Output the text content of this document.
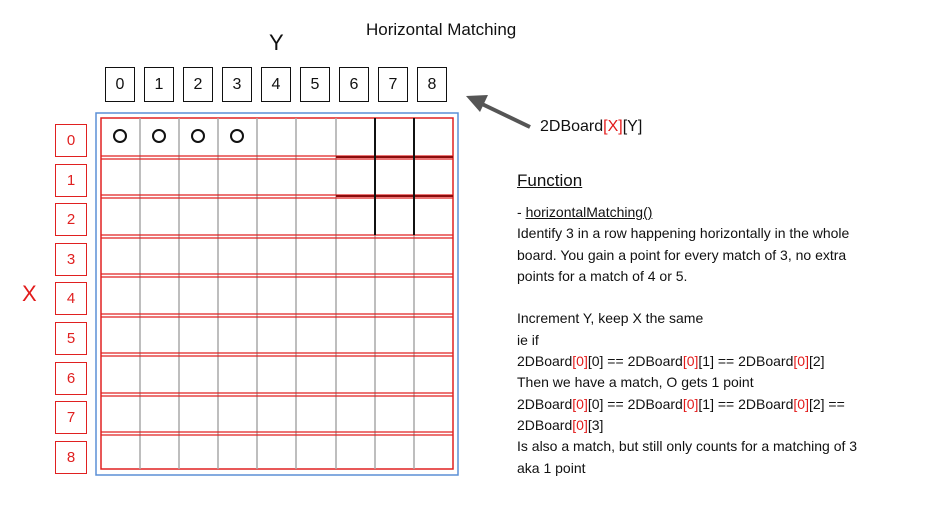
Horizontal Matching
Y
X
0	1	2	3	4	5	6	7	8
0
1
2
3
4
5
6
7
8
2DBoard[X][Y]
Function
- horizontalMatching()
Identify 3 in a row happening horizontally in the whole
board. You gain a point for every match of 3, no extra
points for a match of 4 or 5.
Increment Y, keep X the same
ie if
2DBoard[0][0] == 2DBoard[0][1] == 2DBoard[0][2]
Then we have a match, O gets 1 point
2DBoard[0][0] == 2DBoard[0][1] == 2DBoard[0][2] ==
2DBoard[0][3]
Is also a match, but still only counts for a matching of 3
aka 1 point
